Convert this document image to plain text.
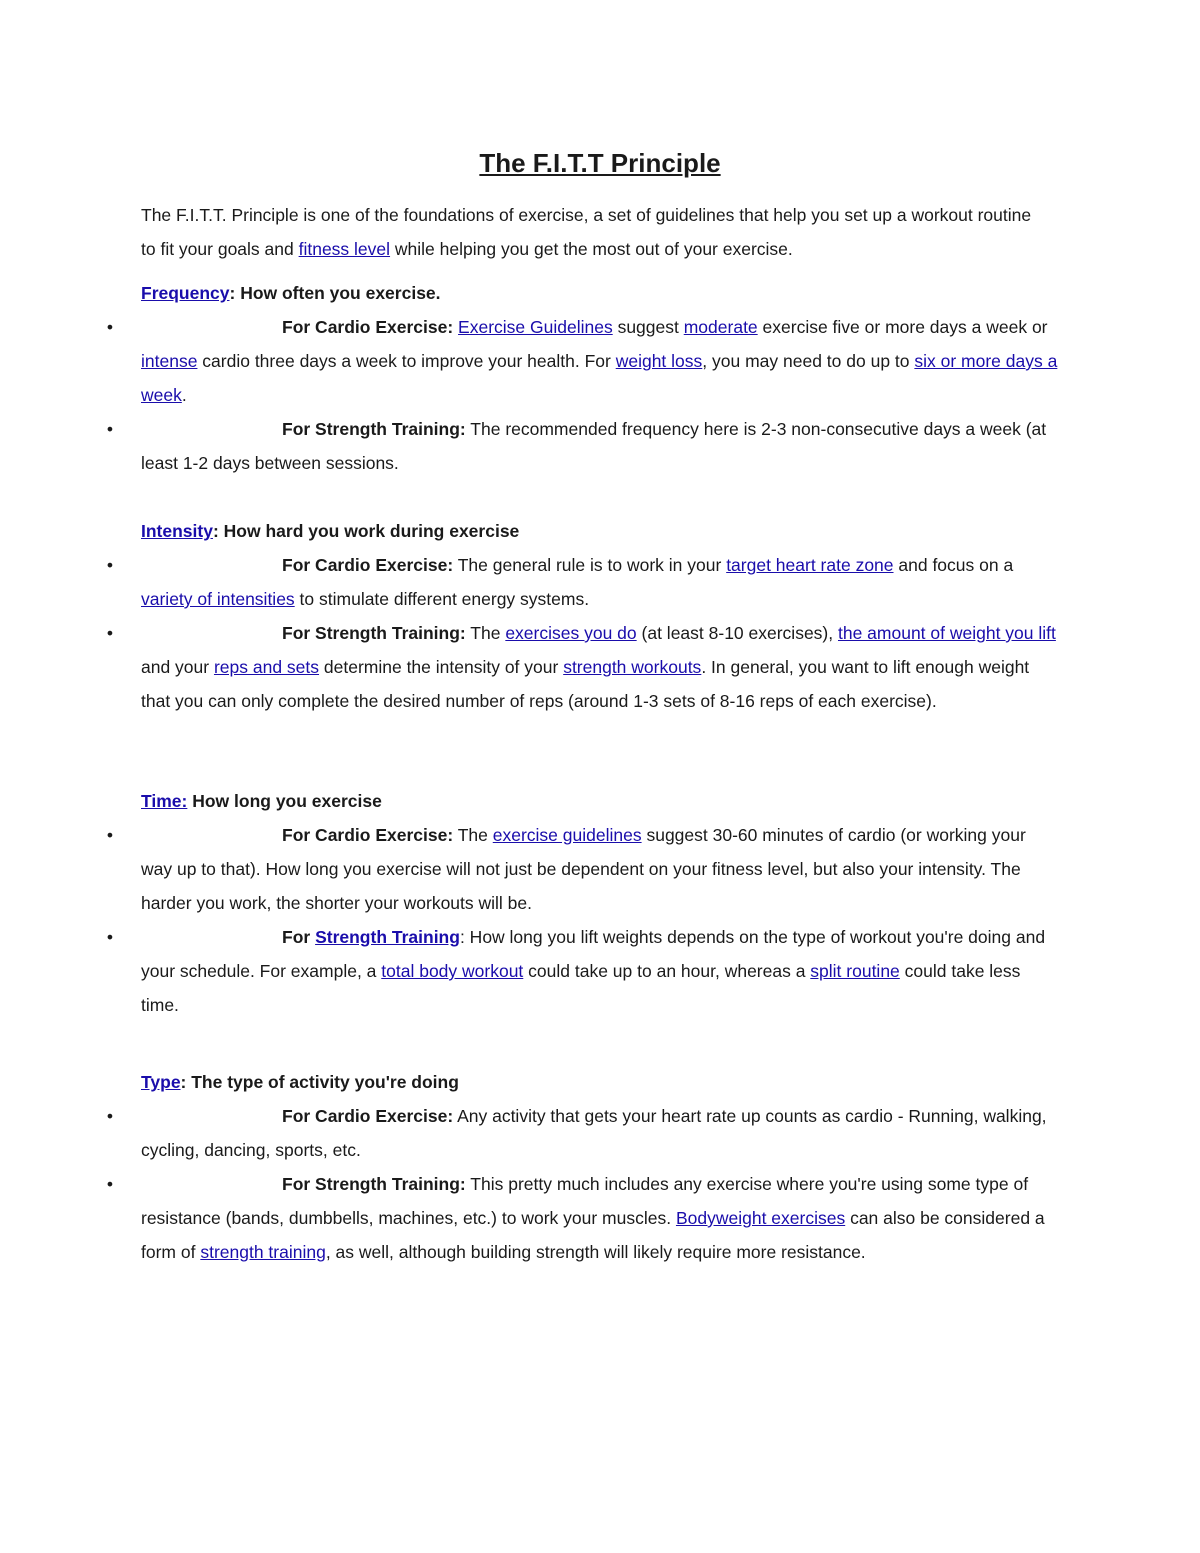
The F.I.T.T Principle
The F.I.T.T. Principle is one of the foundations of exercise, a set of guidelines that help you set up a workout routine to fit your goals and fitness level while helping you get the most out of your exercise.
Frequency: How often you exercise.
•	For Cardio Exercise: Exercise Guidelines suggest moderate exercise five or more days a week or intense cardio three days a week to improve your health. For weight loss, you may need to do up to six or more days a week.
•	For Strength Training: The recommended frequency here is 2-3 non-consecutive days a week (at least 1-2 days between sessions.
Intensity: How hard you work during exercise
•	For Cardio Exercise: The general rule is to work in your target heart rate zone and focus on a variety of intensities to stimulate different energy systems.
•	For Strength Training: The exercises you do (at least 8-10 exercises), the amount of weight you lift and your reps and sets determine the intensity of your strength workouts. In general, you want to lift enough weight that you can only complete the desired number of reps (around 1-3 sets of 8-16 reps of each exercise).
Time: How long you exercise
•	For Cardio Exercise: The exercise guidelines suggest 30-60 minutes of cardio (or working your way up to that). How long you exercise will not just be dependent on your fitness level, but also your intensity. The harder you work, the shorter your workouts will be.
•	For Strength Training: How long you lift weights depends on the type of workout you're doing and your schedule. For example, a total body workout could take up to an hour, whereas a split routine could take less time.
Type: The type of activity you're doing
•	For Cardio Exercise: Any activity that gets your heart rate up counts as cardio - Running, walking, cycling, dancing, sports, etc.
•	For Strength Training: This pretty much includes any exercise where you're using some type of resistance (bands, dumbbells, machines, etc.) to work your muscles. Bodyweight exercises can also be considered a form of strength training, as well, although building strength will likely require more resistance.
